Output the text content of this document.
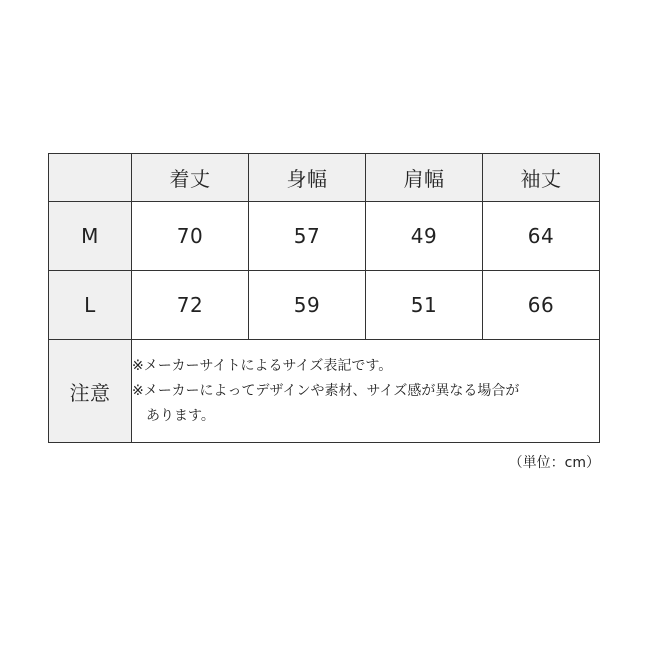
	着丈	身幅	肩幅	袖丈
M	70	57	49	64
L	72	59	51	66
注意	※メーカーサイトによるサイズ表記です。
※メーカーによってデザインや素材、サイズ感が異なる場合が
あります。			
（単位：cm）
